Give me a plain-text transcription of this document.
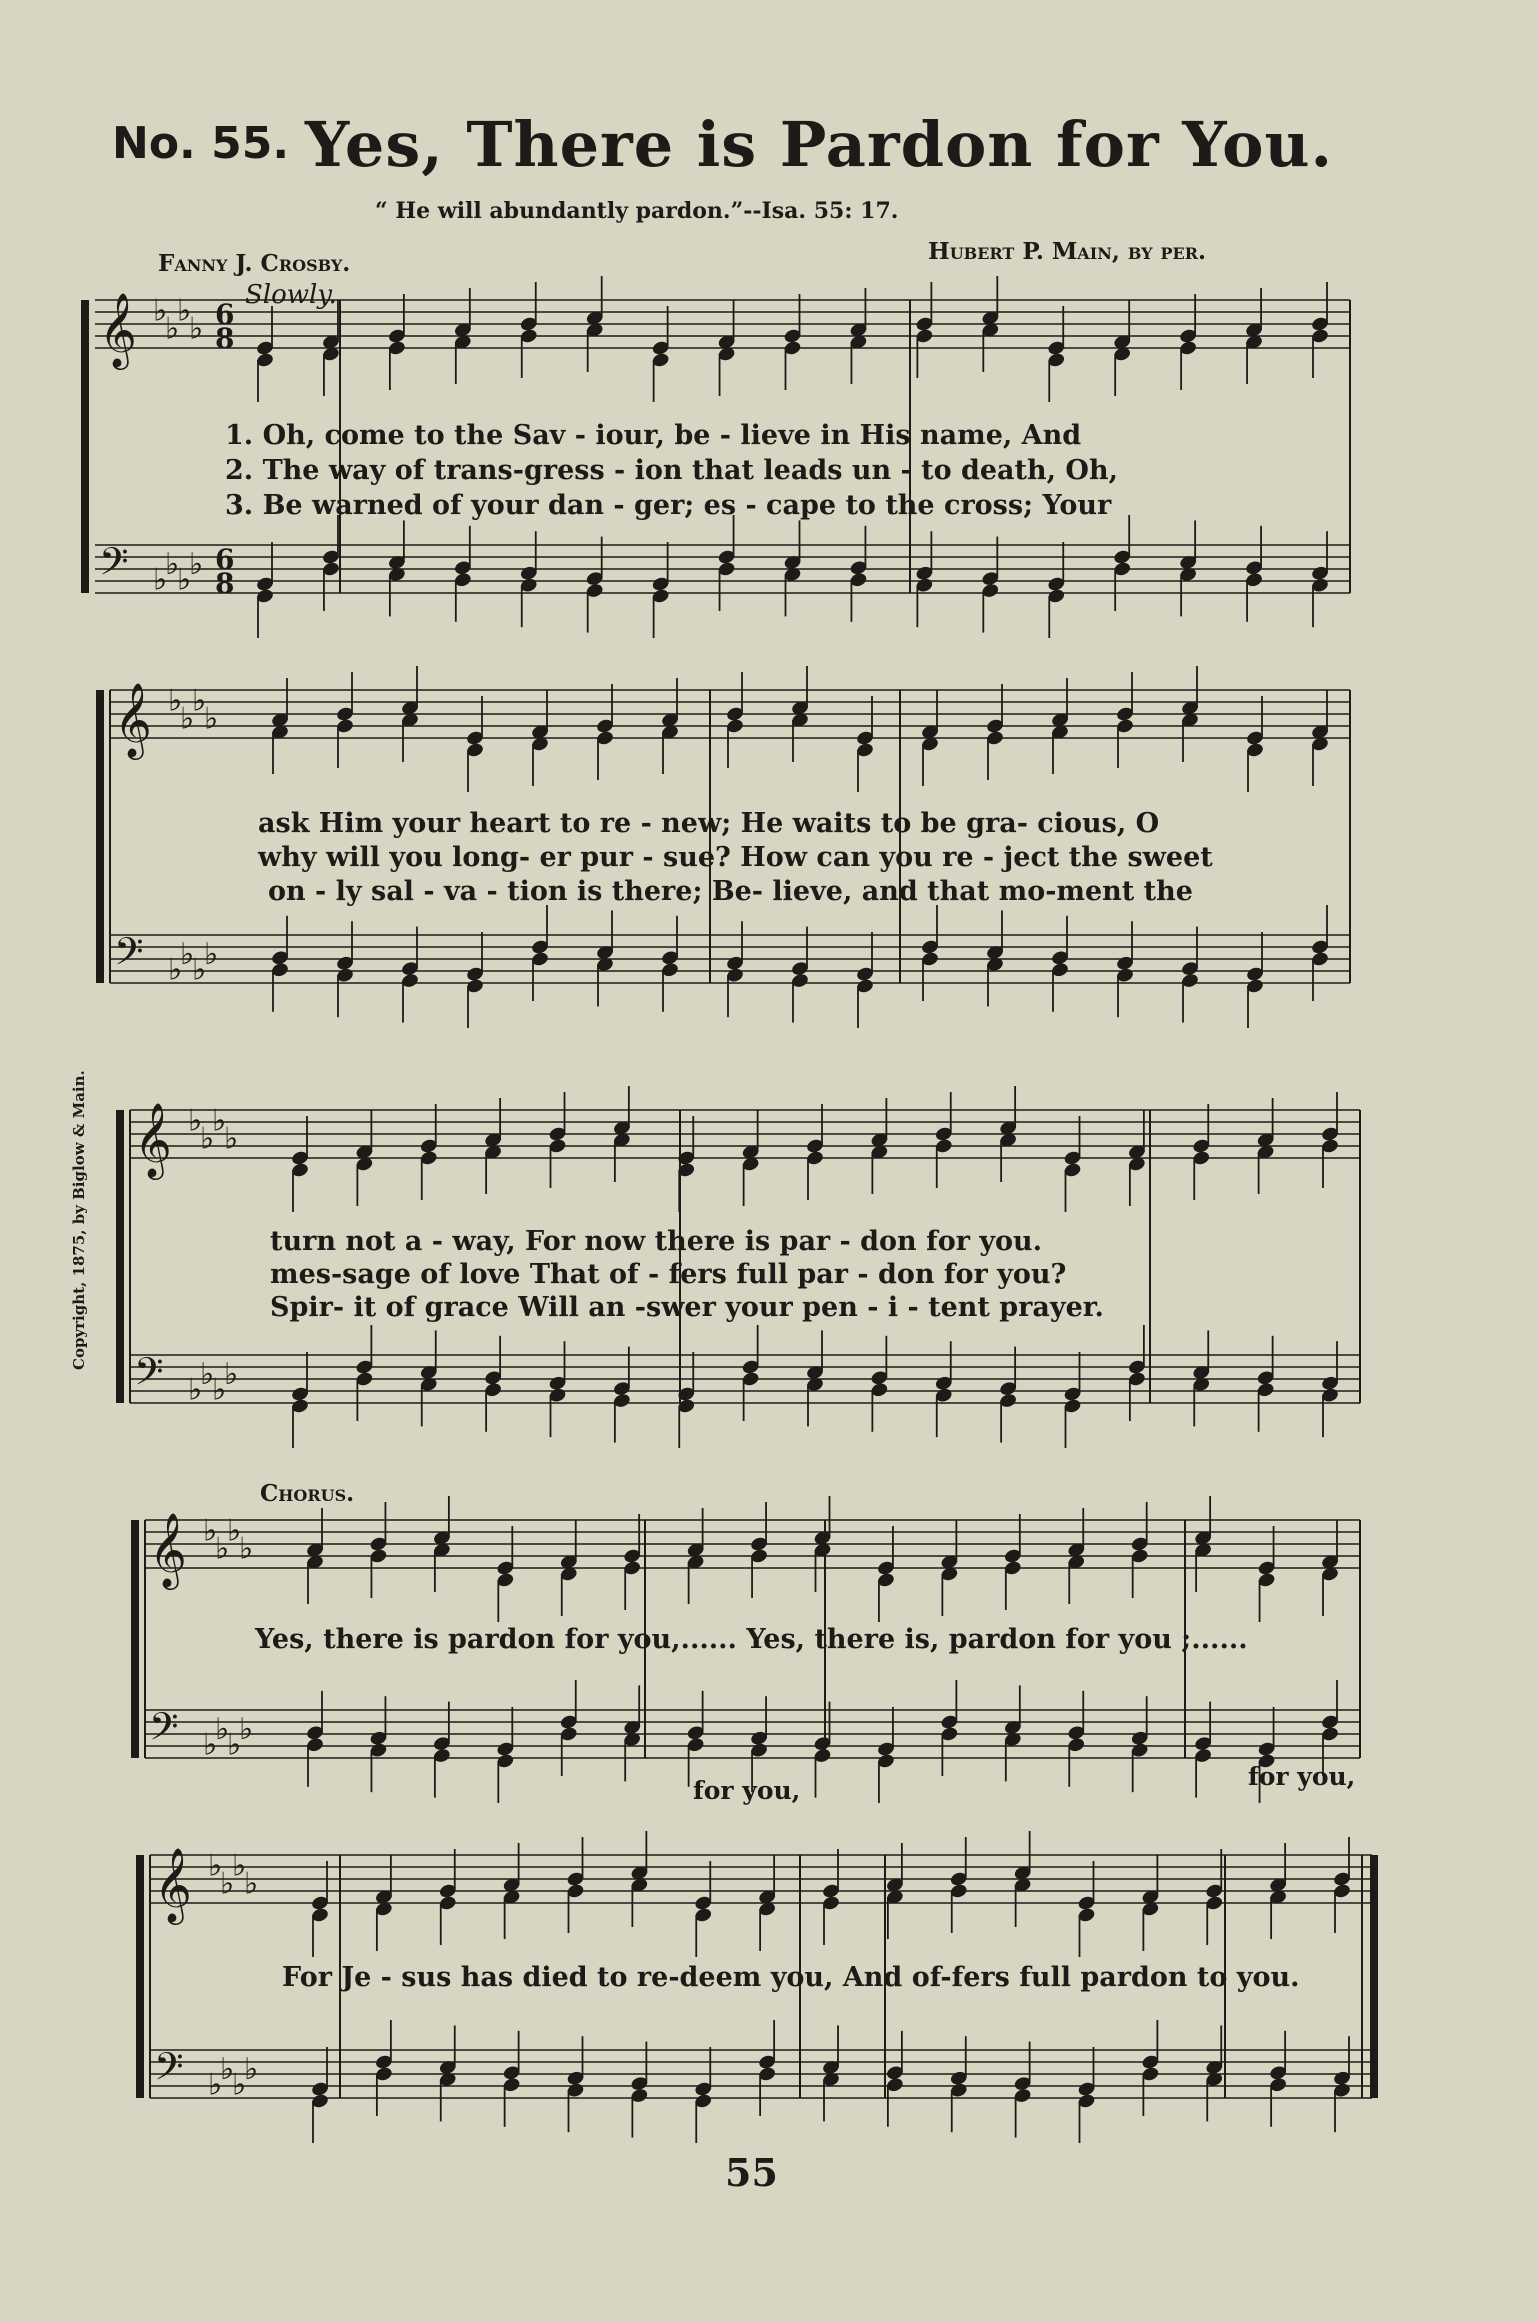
No. 55. Yes, There is Pardon for You.
“ He will abundantly pardon.”--Isa. 55: 17.
Fanny J. Crosby.	Hubert P. Main, by per.
Slowly.
Copyright, 1875, by Biglow & Main.
𝄞 ♭
♭
♭
♭ 6
8
𝄢 ♭
♭
♭
♭ 6
8
𝄞 ♭
♭
♭
♭
𝄢 ♭
♭
♭
♭
𝄞 ♭
♭
♭
♭
𝄢 ♭
♭
♭
♭
𝄞 ♭
♭
♭
♭
𝄢 ♭
♭
♭
♭
𝄞 ♭
♭
♭
♭
𝄢 ♭
♭
♭
♭
1. Oh, come to the Sav - iour, be - lieve in His name, And
2. The way of trans-gress - ion that leads un - to death, Oh,
3. Be warned of your dan - ger; es - cape to the cross; Your
ask Him your heart to re - new; He waits to be gra- cious, O
why will you long- er pur - sue? How can you re - ject the sweet
on - ly sal - va - tion is there; Be- lieve, and that mo-ment the
turn not a - way, For now there is par - don for you.
mes-sage of love That of - fers full par - don for you?
Spir- it of grace Will an -swer your pen - i - tent prayer.
Chorus.
Yes, there is pardon for you,...... Yes, there is, pardon for you ;......
for you,	for you,
For Je - sus has died to re-deem you, And of-fers full pardon to you.
55
